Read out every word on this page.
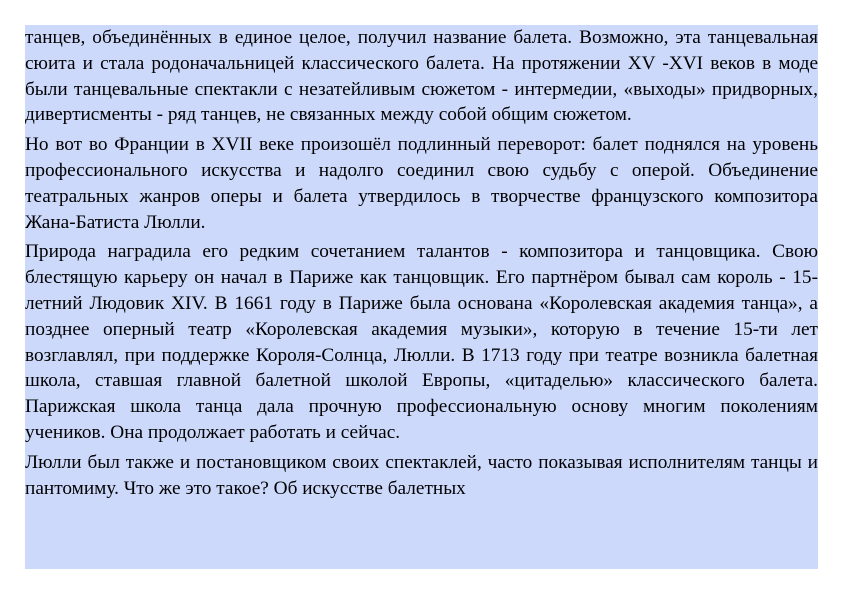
танцев, объединённых в единое целое, получил название балета. Возможно, эта танцевальная сюита и стала родоначальницей классического балета. На протяжении XV -XVI веков в моде были танцевальные спектакли с незатейливым сюжетом - интермедии, «выходы» придворных, дивертисменты - ряд танцев, не связанных между собой общим сюжетом.

Но вот во Франции в XVII веке произошёл подлинный переворот: балет поднялся на уровень профессионального искусства и надолго соединил свою судьбу с оперой. Объединение театральных жанров оперы и балета утвердилось в творчестве французского композитора Жана-Батиста Люлли.

Природа наградила его редким сочетанием талантов - композитора и танцовщика. Свою блестящую карьеру он начал в Париже как танцовщик. Его партнёром бывал сам король - 15-летний Людовик XIV. В 1661 году в Париже была основана «Королевская академия танца», а позднее оперный театр «Королевская академия музыки», которую в течение 15-ти лет возглавлял, при поддержке Короля-Солнца, Люлли. В 1713 году при театре возникла балетная школа, ставшая главной балетной школой Европы, «цитаделью» классического балета. Парижская школа танца дала прочную профессиональную основу многим поколениям учеников. Она продолжает работать и сейчас.

Люлли был также и постановщиком своих спектаклей, часто показывая исполнителям танцы и пантомиму. Что же это такое? Об искусстве балетных
